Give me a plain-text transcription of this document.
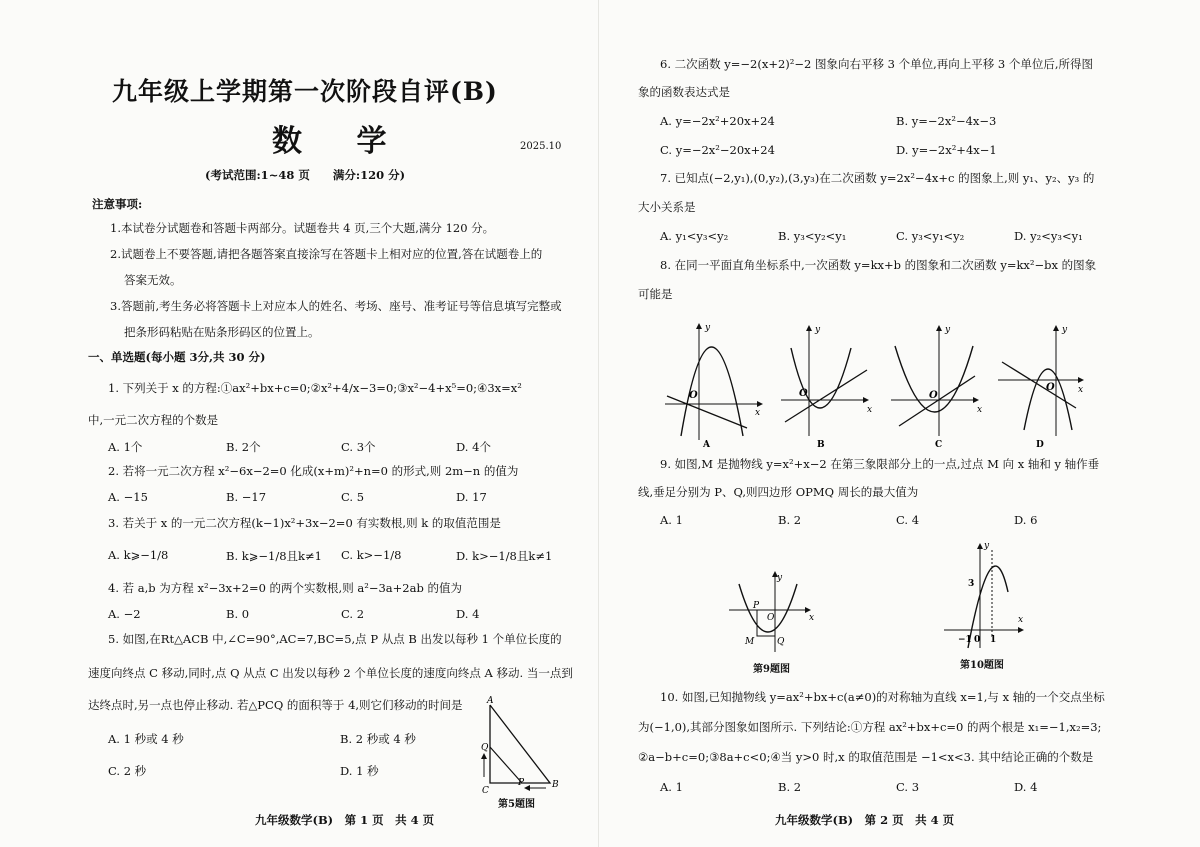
九年级上学期第一次阶段自评(B)
数 学	2025.10
(考试范围:1~48 页　　满分:120 分)
注意事项:
1.本试卷分试题卷和答题卡两部分。试题卷共 4 页,三个大题,满分 120 分。
2.试题卷上不要答题,请把各题答案直接涂写在答题卡上相对应的位置,答在试题卷上的
答案无效。
3.答题前,考生务必将答题卡上对应本人的姓名、考场、座号、准考证号等信息填写完整或
把条形码粘贴在贴条形码区的位置上。
一、单选题(每小题 3分,共 30 分)
1. 下列关于 x 的方程:①ax²+bx+c=0;②x²+4/x−3=0;③x²−4+x⁵=0;④3x=x²
中,一元二次方程的个数是
A. 1个	B. 2个	C. 3个	D. 4个
2. 若将一元二次方程 x²−6x−2=0 化成(x+m)²+n=0 的形式,则 2m−n 的值为
A. −15	B. −17	C. 5	D. 17
3. 若关于 x 的一元二次方程(k−1)x²+3x−2=0 有实数根,则 k 的取值范围是
A. k⩾−1/8	B. k⩾−1/8且k≠1 C. k>−1/8	D. k>−1/8且k≠1
4. 若 a,b 为方程 x²−3x+2=0 的两个实数根,则 a²−3a+2ab 的值为
A. −2	B. 0	C. 2	D. 4
5. 如图,在Rt△ACB 中,∠C=90°,AC=7,BC=5,点 P 从点 B 出发以每秒 1 个单位长度的
速度向终点 C 移动,同时,点 Q 从点 C 出发以每秒 2 个单位长度的速度向终点 A 移动. 当一点到
达终点时,另一点也停止移动. 若△PCQ 的面积等于 4,则它们移动的时间是
A. 1 秒或 4 秒	B. 2 秒或 4 秒
C. 2 秒	D. 1 秒
A
Q
C
P	B
第5题图
九年级数学(B)　第 1 页　共 4 页
6. 二次函数 y=−2(x+2)²−2 图象向右平移 3 个单位,再向上平移 3 个单位后,所得图
象的函数表达式是
A. y=−2x²+20x+24	B. y=−2x²−4x−3
C. y=−2x²−20x+24	D. y=−2x²+4x−1
7. 已知点(−2,y₁),(0,y₂),(3,y₃)在二次函数 y=2x²−4x+c 的图象上,则 y₁、y₂、y₃ 的
大小关系是
A. y₁<y₃<y₂	B. y₃<y₂<y₁	C. y₃<y₁<y₂	D. y₂<y₃<y₁
8. 在同一平面直角坐标系中,一次函数 y=kx+b 的图象和二次函数 y=kx²−bx 的图象
可能是
y
x
O
A
y
x
O
B
y
x
O
C
y
x
O
D
9. 如图,M 是抛物线 y=x²+x−2 在第三象限部分上的一点,过点 M 向 x 轴和 y 轴作垂
线,垂足分别为 P、Q,则四边形 OPMQ 周长的最大值为
A. 1	B. 2	C. 4	D. 6
P
O	x
y
M	Q
第9题图
y
x
3
−1 0 1
第10题图
10. 如图,已知抛物线 y=ax²+bx+c(a≠0)的对称轴为直线 x=1,与 x 轴的一个交点坐标
为(−1,0),其部分图象如图所示. 下列结论:①方程 ax²+bx+c=0 的两个根是 x₁=−1,x₂=3;
②a−b+c=0;③8a+c<0;④当 y>0 时,x 的取值范围是 −1<x<3. 其中结论正确的个数是
A. 1	B. 2	C. 3	D. 4
九年级数学(B)　第 2 页　共 4 页
